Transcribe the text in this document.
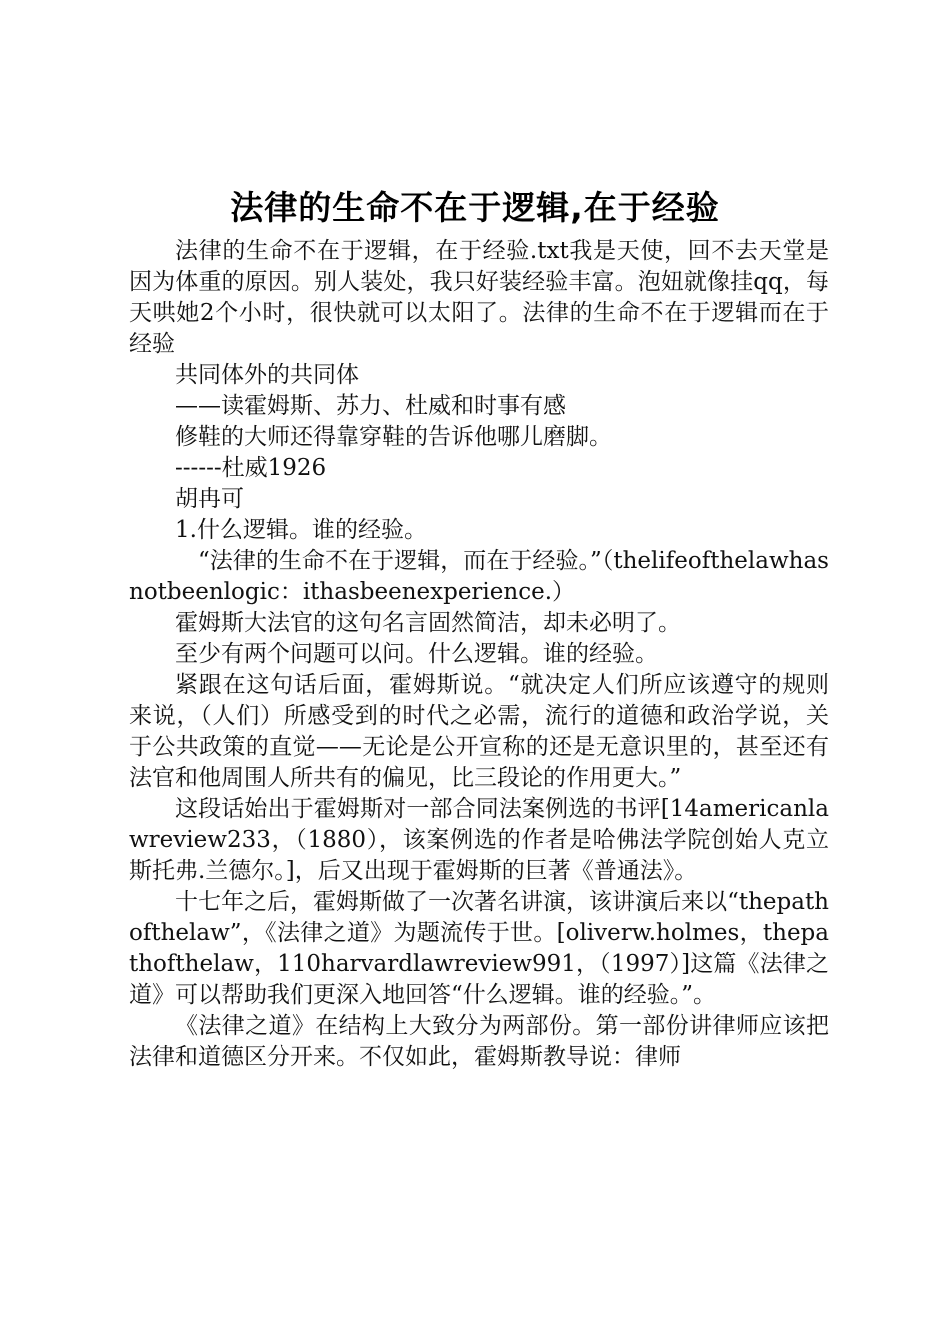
法律的生命不在于逻辑,在于经验

法律的生命不在于逻辑，在于经验.txt我是天使，回不去天堂是因为体重的原因。别人装处，我只好装经验丰富。泡妞就像挂qq，每天哄她2个小时，很快就可以太阳了。法律的生命不在于逻辑而在于经验

共同体外的共同体

——读霍姆斯、苏力、杜威和时事有感

修鞋的大师还得靠穿鞋的告诉他哪儿磨脚。

------杜威1926

胡冉可

1.什么逻辑。谁的经验。

“法律的生命不在于逻辑，而在于经验。”（thelifeofthelawhasnotbeenlogic：ithasbeenexperience.）

霍姆斯大法官的这句名言固然简洁，却未必明了。

至少有两个问题可以问。什么逻辑。谁的经验。

紧跟在这句话后面，霍姆斯说。“就决定人们所应该遵守的规则来说，（人们）所感受到的时代之必需，流行的道德和政治学说，关于公共政策的直觉——无论是公开宣称的还是无意识里的，甚至还有法官和他周围人所共有的偏见，比三段论的作用更大。”

这段话始出于霍姆斯对一部合同法案例选的书评[14americanlawreview233，（1880），该案例选的作者是哈佛法学院创始人克立斯托弗.兰德尔。]，后又出现于霍姆斯的巨著《普通法》。

十七年之后，霍姆斯做了一次著名讲演，该讲演后来以“thepathofthelaw”，《法律之道》为题流传于世。[oliverw.holmes，thepathofthelaw，110harvardlawreview991，（1997）]这篇《法律之道》可以帮助我们更深入地回答“什么逻辑。谁的经验。”。

《法律之道》在结构上大致分为两部份。第一部份讲律师应该把法律和道德区分开来。不仅如此，霍姆斯教导说：律师
